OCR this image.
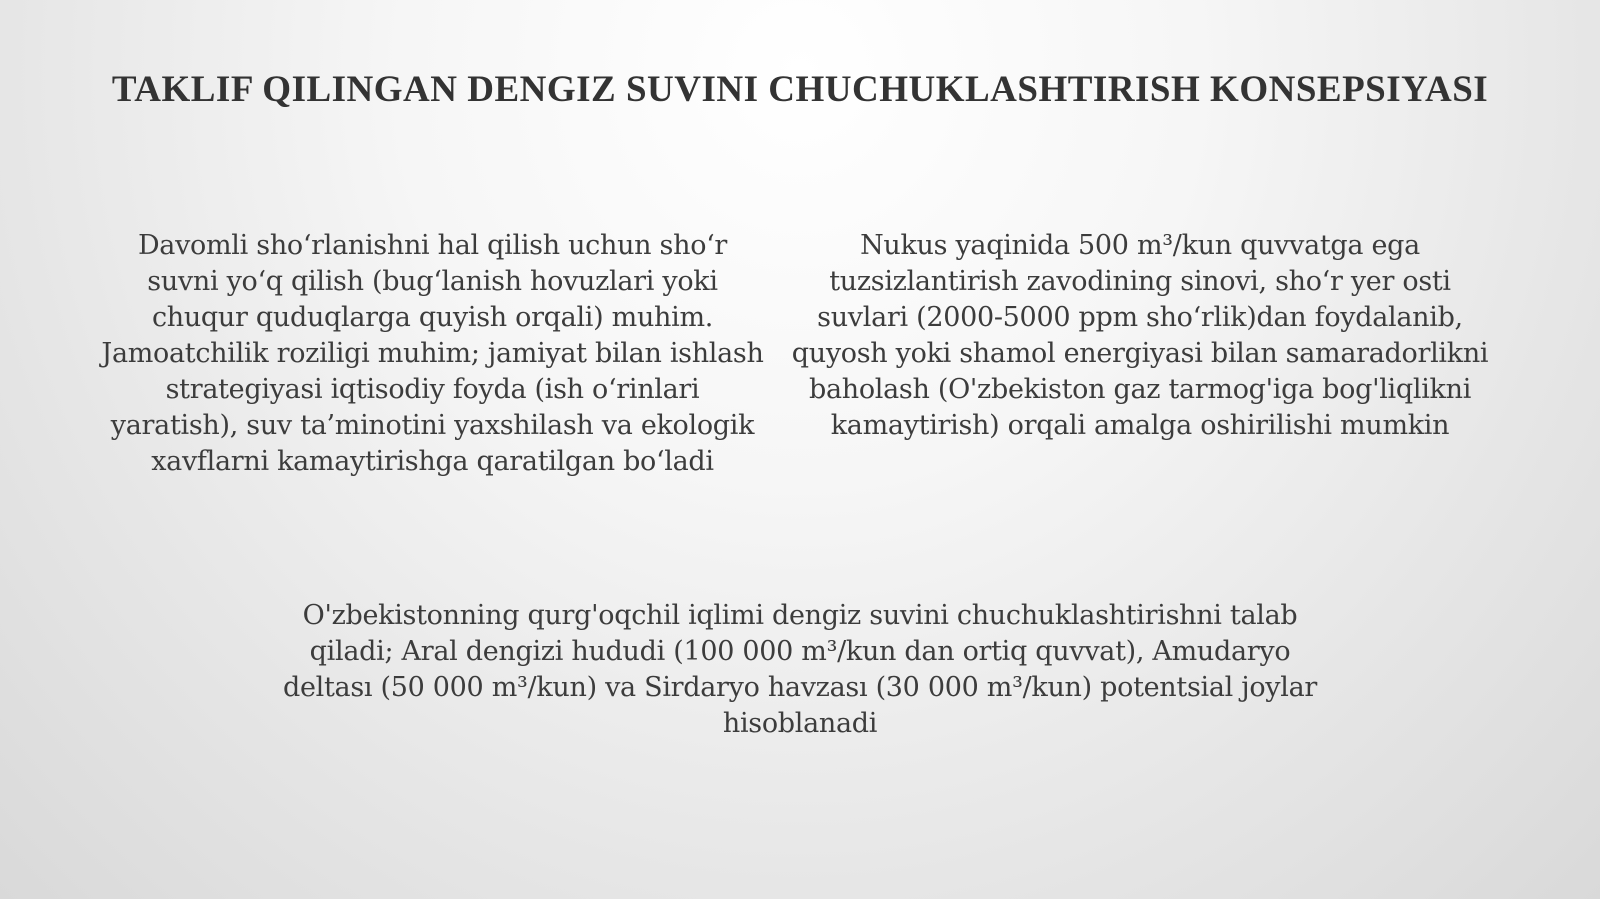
TAKLIF QILINGAN DENGIZ SUVINI CHUCHUKLASHTIRISH KONSEPSIYASI

Davomli sho‘rlanishni hal qilish uchun sho‘r suvni yo‘q qilish (bug‘lanish hovuzlari yoki chuqur quduqlarga quyish orqali) muhim. Jamoatchilik roziligi muhim; jamiyat bilan ishlash strategiyasi iqtisodiy foyda (ish o‘rinlari yaratish), suv ta’minotini yaxshilash va ekologik xavflarni kamaytirishga qaratilgan bo‘ladi

Nukus yaqinida 500 m³/kun quvvatga ega tuzsizlantirish zavodining sinovi, sho‘r yer osti suvlari (2000-5000 ppm sho‘rlik)dan foydalanib, quyosh yoki shamol energiyasi bilan samaradorlikni baholash (O'zbekiston gaz tarmog'iga bog'liqlikni kamaytirish) orqali amalga oshirilishi mumkin

O'zbekistonning qurg'oqchil iqlimi dengiz suvini chuchuklashtirishni talab qiladi; Aral dengizi hududi (100 000 m³/kun dan ortiq quvvat), Amudaryo deltası (50 000 m³/kun) va Sirdaryo havzası (30 000 m³/kun) potentsial joylar hisoblanadi
